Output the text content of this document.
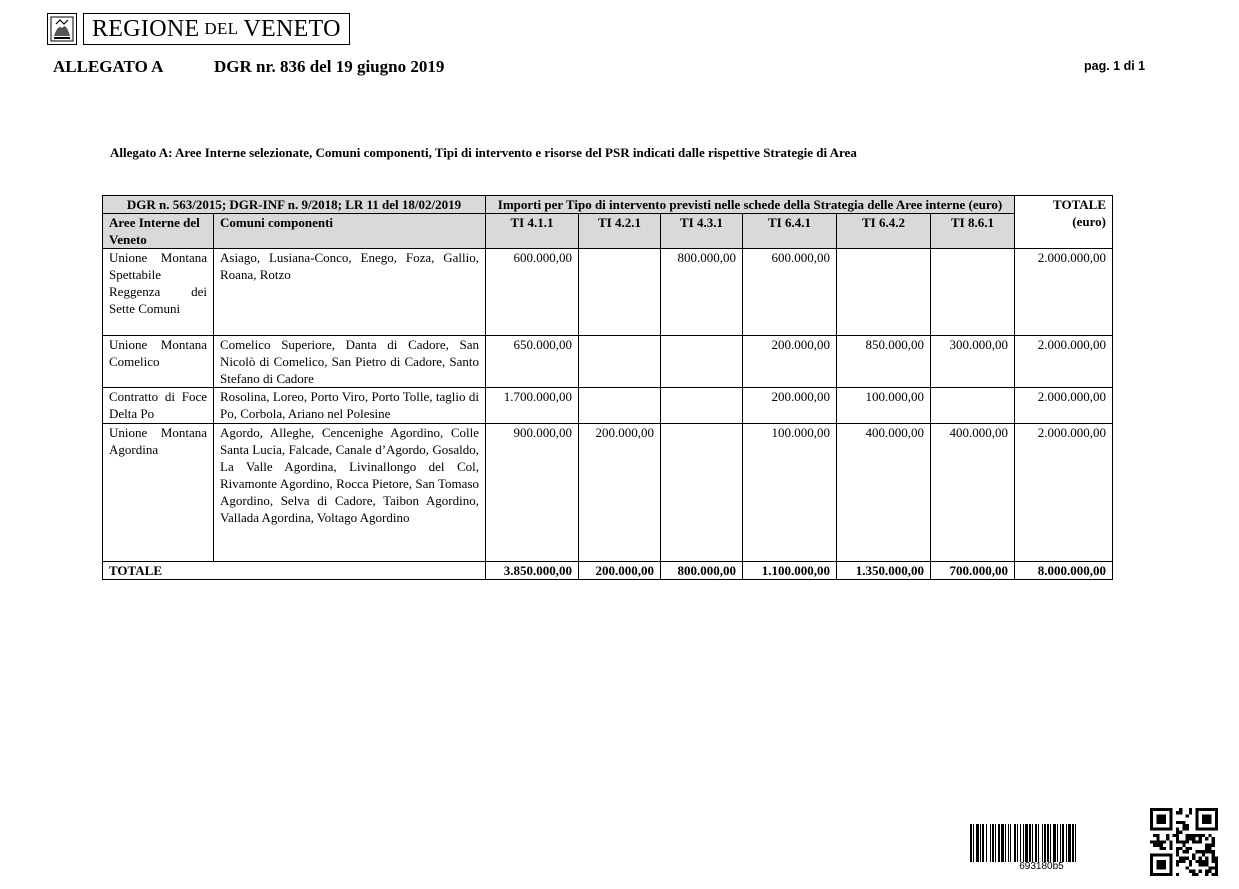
REGIONE DEL VENETO
ALLEGATO A	DGR nr. 836 del 19 giugno 2019	pag. 1 di 1
Allegato A: Aree Interne selezionate, Comuni componenti, Tipi di intervento e risorse del PSR indicati dalle rispettive Strategie di Area
DGR n. 563/2015; DGR-INF n. 9/2018; LR 11 del 18/02/2019		Importi per Tipo di intervento previsti nelle schede della Strategia delle Aree interne (euro)						TOTALE (euro)
Aree Interne del Veneto	Comuni componenti	TI 4.1.1	TI 4.2.1	TI 4.3.1	TI 6.4.1	TI 6.4.2	TI 8.6.1	
Unione Montana Spettabile Reggenza dei Sette Comuni	Asiago, Lusiana-Conco, Enego, Foza, Gallio, Roana, Rotzo	600.000,00		800.000,00	600.000,00			2.000.000,00
Unione Montana Comelico	Comelico Superiore, Danta di Cadore, San Nicolò di Comelico, San Pietro di Cadore, Santo Stefano di Cadore	650.000,00			200.000,00	850.000,00	300.000,00	2.000.000,00
Contratto di Foce Delta Po	Rosolina, Loreo, Porto Viro, Porto Tolle, taglio di Po, Corbola, Ariano nel Polesine	1.700.000,00			200.000,00	100.000,00		2.000.000,00
Unione Montana Agordina	Agordo, Alleghe, Cencenighe Agordino, Colle Santa Lucia, Falcade, Canale d’Agordo, Gosaldo, La Valle Agordina, Livinallongo del Col, Rivamonte Agordino, Rocca Pietore, San Tomaso Agordino, Selva di Cadore, Taibon Agordino, Vallada Agordina, Voltago Agordino	900.000,00	200.000,00		100.000,00	400.000,00	400.000,00	2.000.000,00
TOTALE		3.850.000,00	200.000,00	800.000,00	1.100.000,00	1.350.000,00	700.000,00	8.000.000,00
693180b5
